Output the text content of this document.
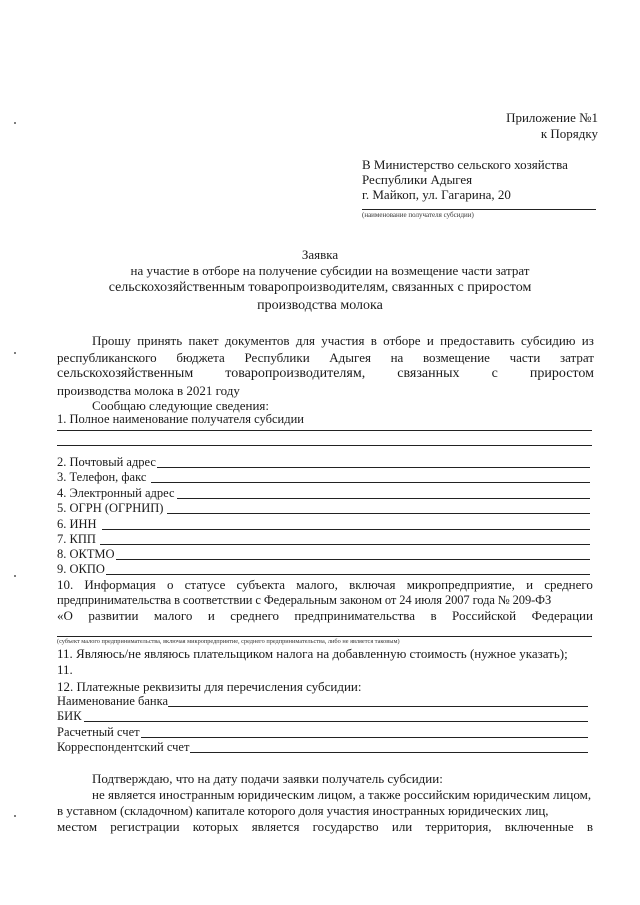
Приложение №1
к Порядку
В Министерство сельского хозяйства
Республики Адыгея
г. Майкоп, ул. Гагарина, 20
(наименование получателя субсидии)
Заявка
на участие в отборе на получение субсидии на возмещение части затрат
сельскохозяйственным товаропроизводителям, связанных с приростом
производства молока
Прошу принять пакет документов для участия в отборе и предоставить субсидию из
республиканского бюджета Республики Адыгея на возмещение части затрат
сельскохозяйственным товаропроизводителям, связанных с приростом
производства молока в 2021 году
Сообщаю следующие сведения:
1. Полное наименование получателя субсидии
2. Почтовый адрес
3. Телефон, факс
4. Электронный адрес
5. ОГРН (ОГРНИП)
6. ИНН
7. КПП
8. ОКТМО
9. ОКПО
10. Информация о статусе субъекта малого, включая микропредприятие, и среднего
предпринимательства в соответствии с Федеральным законом от 24 июля 2007 года № 209-ФЗ
«О развитии малого и среднего предпринимательства в Российской Федерации
(субъект малого предпринимательства, включая микропредприятие, среднего предпринимательства, либо не является таковым)
11. Являюсь/не являюсь плательщиком налога на добавленную стоимость (нужное указать);
11.
12. Платежные реквизиты для перечисления субсидии:
Наименование банка
БИК
Расчетный счет
Корреспондентский счет
Подтверждаю, что на дату подачи заявки получатель субсидии:
не является иностранным юридическим лицом, а также российским юридическим лицом,
в уставном (складочном) капитале которого доля участия иностранных юридических лиц,
местом регистрации которых является государство или территория, включенные в
